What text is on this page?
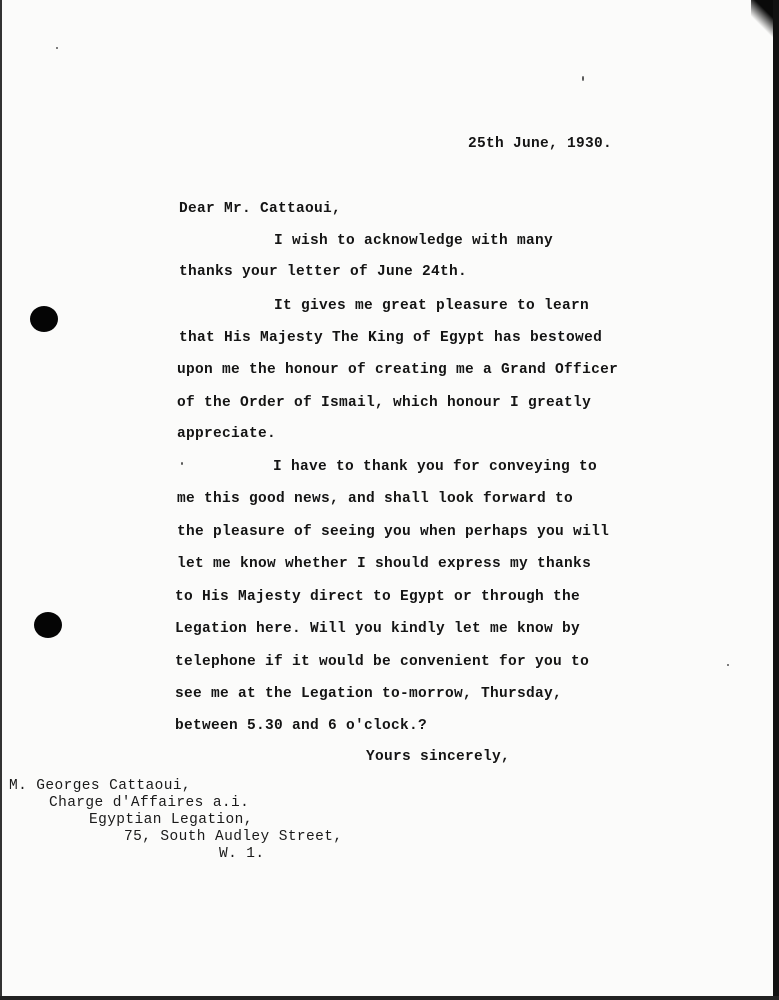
25th June, 1930.
Dear Mr. Cattaoui,
I wish to acknowledge with many
thanks your letter of June 24th.
It gives me great pleasure to learn
that His Majesty The King of Egypt has bestowed
upon me the honour of creating me a Grand Officer
of the Order of Ismail, which honour I greatly
appreciate.
I have to thank you for conveying to
me this good news, and shall look forward to
the pleasure of seeing you when perhaps you will
let me know whether I should express my thanks
to His Majesty direct to Egypt or through the
Legation here. Will you kindly let me know by
telephone if it would be convenient for you to
see me at the Legation to-morrow, Thursday,
between 5.30 and 6 o'clock.?
Yours sincerely,
M. Georges Cattaoui,
Charge d'Affaires a.i.
Egyptian Legation,
75, South Audley Street,
W. 1.
